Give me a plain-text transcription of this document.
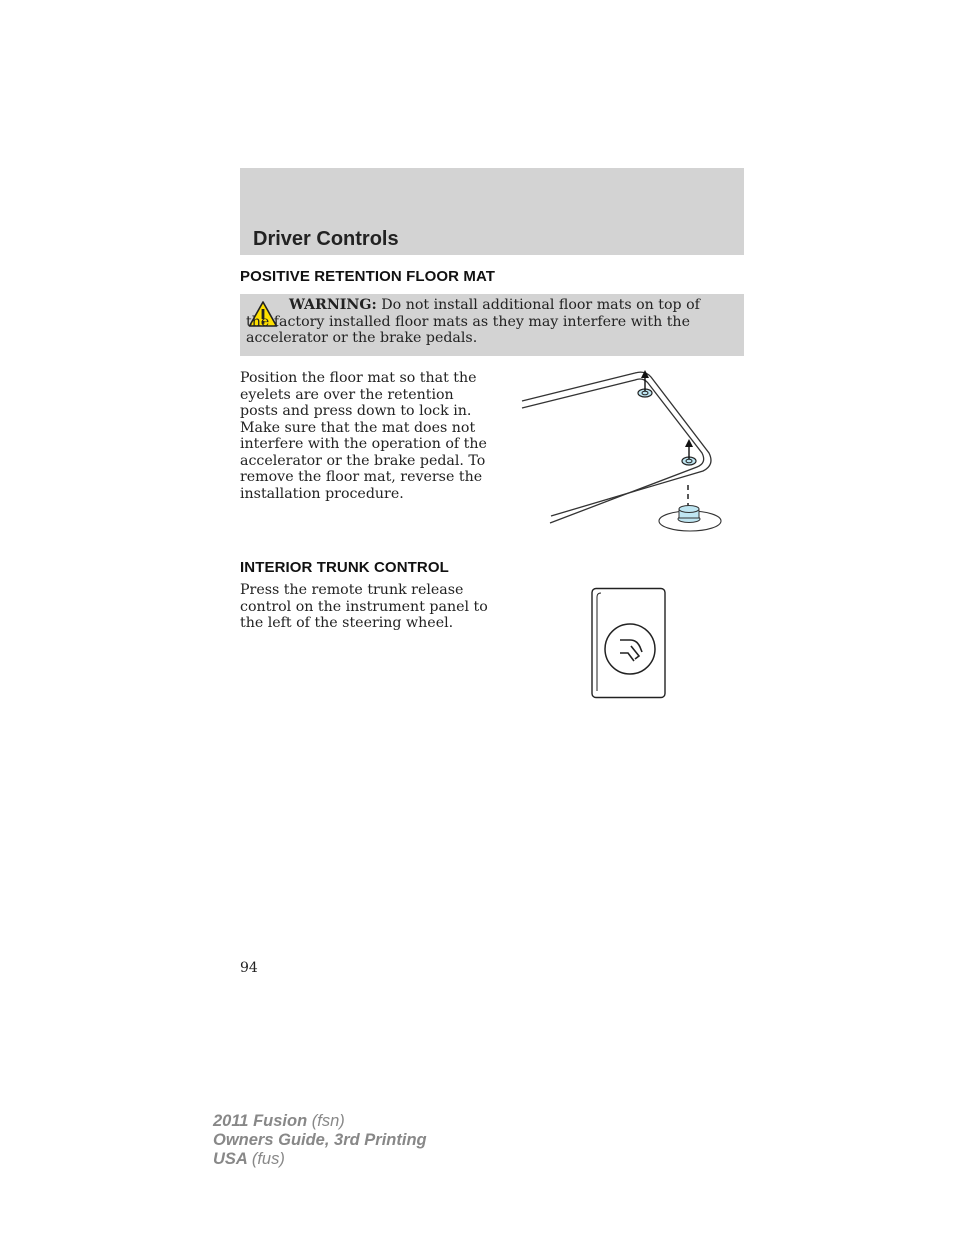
Driver Controls
POSITIVE RETENTION FLOOR MAT
WARNING: Do not install additional floor mats on top of the factory installed floor mats as they may interfere with the accelerator or the brake pedals.
Position the floor mat so that the eyelets are over the retention posts and press down to lock in. Make sure that the mat does not interfere with the operation of the accelerator or the brake pedal. To remove the floor mat, reverse the installation procedure.
INTERIOR TRUNK CONTROL
Press the remote trunk release control on the instrument panel to the left of the steering wheel.
94
2011 Fusion (fsn)
Owners Guide, 3rd Printing
USA (fus)
